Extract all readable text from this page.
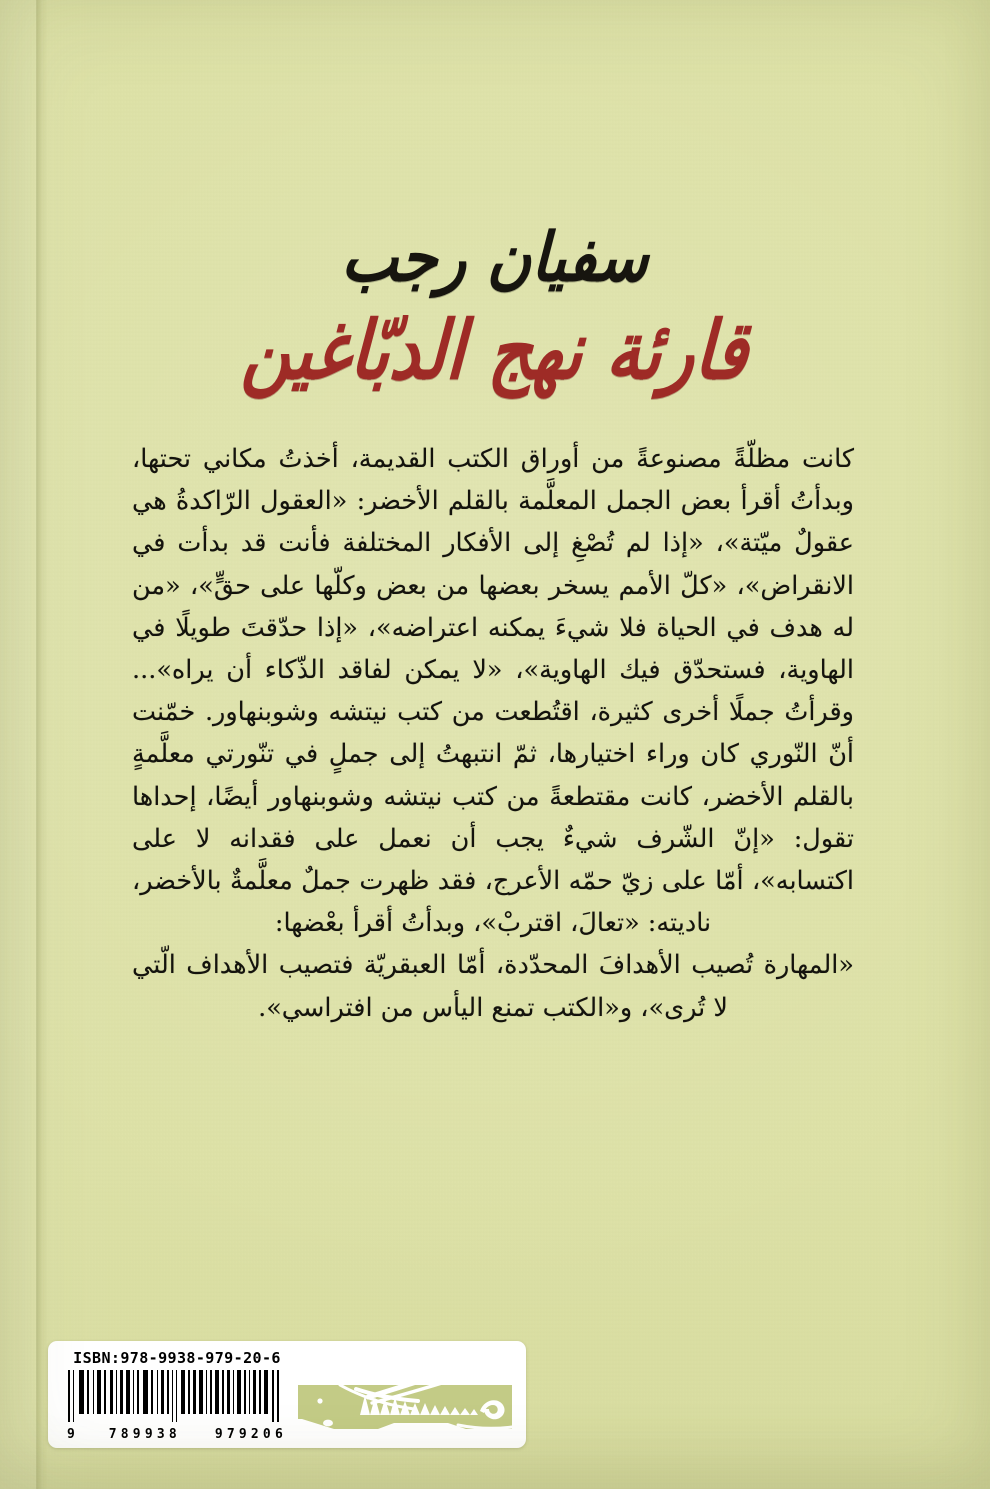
سفيان رجب
قارئة نهج الدبّاغين

كانت مظلّةً مصنوعةً من أوراق الكتب القديمة، أخذتُ مكاني تحتها، وبدأتُ أقرأ بعض الجمل المعلَّمة بالقلم الأخضر: «العقول الرّاكدةُ هي عقولٌ ميّتة»، «إذا لم تُصْغِ إلى الأفكار المختلفة فأنت قد بدأت في الانقراض»، «كلّ الأمم يسخر بعضها من بعض وكلّها على حقٍّ»، «من له هدف في الحياة فلا شيءَ يمكنه اعتراضه»، «إذا حدّقتَ طويلًا في الهاوية، فستحدّق فيك الهاوية»، «لا يمكن لفاقد الذّكاء أن يراه»... وقرأتُ جملًا أخرى كثيرة، اقتُطعت من كتب نيتشه وشوبنهاور. خمّنت أنّ النّوري كان وراء اختيارها، ثمّ انتبهتُ إلى جملٍ في تنّورتي معلَّمةٍ بالقلم الأخضر، كانت مقتطعةً من كتب نيتشه وشوبنهاور أيضًا، إحداها تقول: «إنّ الشّرف شيءٌ يجب أن نعمل على فقدانه لا على اكتسابه»، أمّا على زيّ حمّه الأعرج، فقد ظهرت جملٌ معلَّمةٌ بالأخضر، ناديته: «تعالَ، اقتربْ»، وبدأتُ أقرأ بعْضها:

«المهارة تُصيب الأهدافَ المحدّدة، أمّا العبقريّة فتصيب الأهداف الّتي لا تُرى»، و«الكتب تمنع اليأس من افتراسي».

ISBN:978-9938-979-20-6
9	789938	979206
